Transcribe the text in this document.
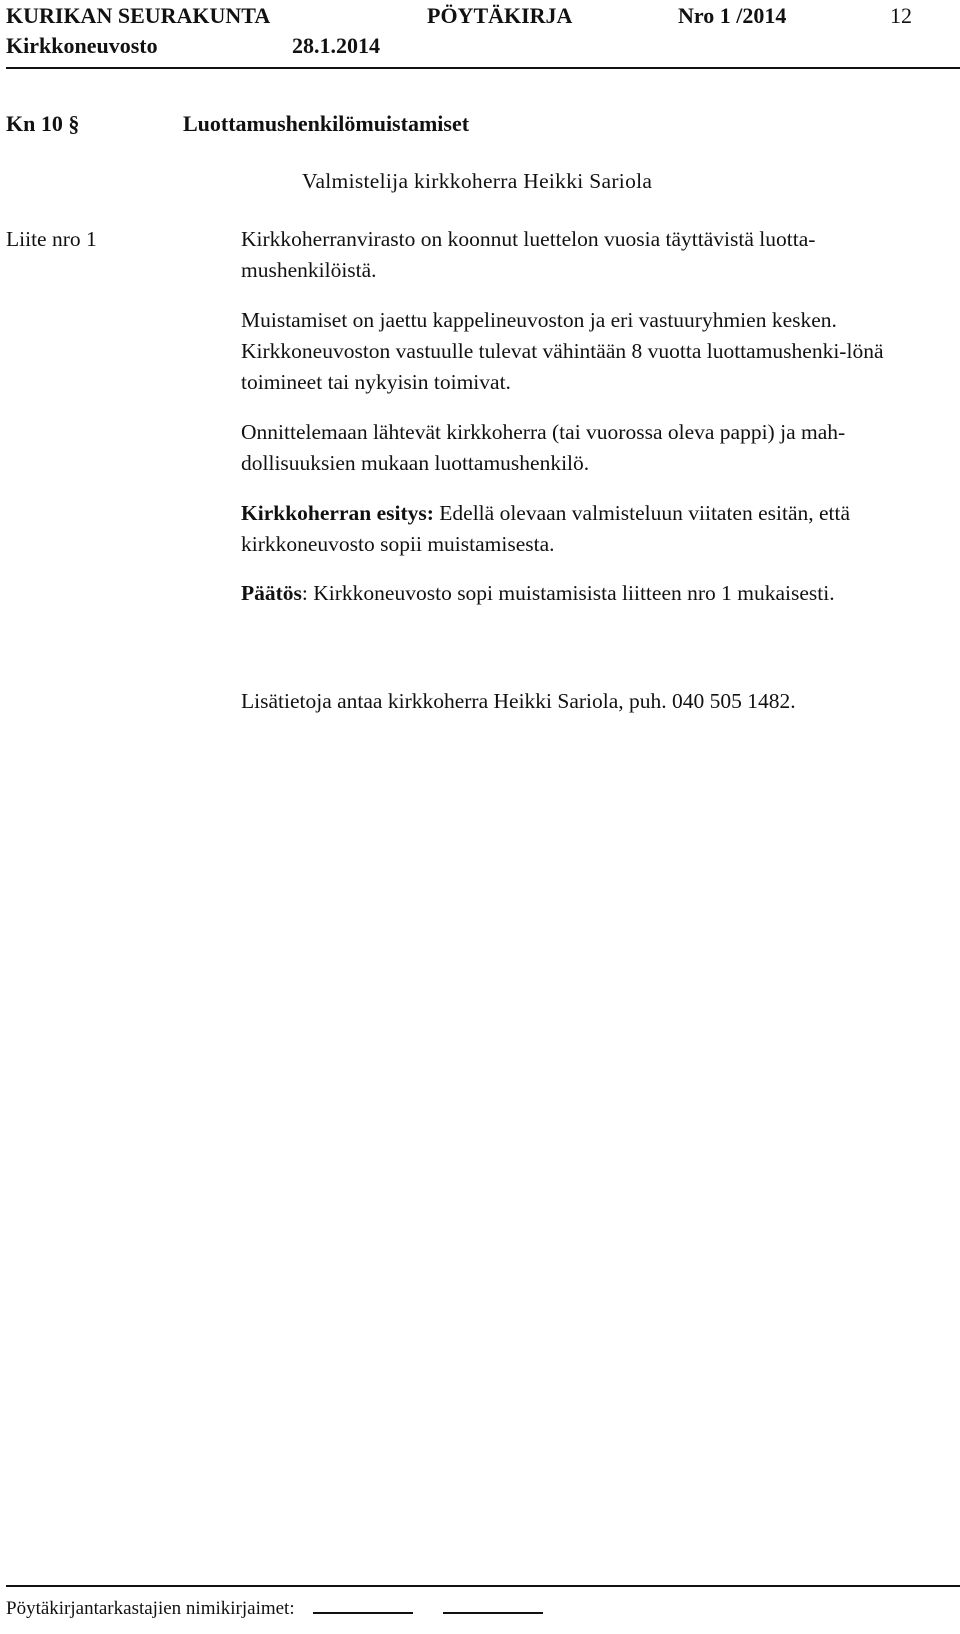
KURIKAN SEURAKUNTA	PÖYTÄKIRJA	Nro 1 /2014	12
Kirkkoneuvosto	28.1.2014
Kn 10 §	Luottamushenkilömuistamiset
Valmistelija kirkkoherra Heikki Sariola
Liite nro 1	Kirkkoherranvirasto on koonnut luettelon vuosia täyttävistä luotta-mushenkilöistä.

Muistamiset on jaettu kappelineuvoston ja eri vastuuryhmien kesken.

Kirkkoneuvoston vastuulle tulevat vähintään 8 vuotta luottamushenki-lönä toimineet tai nykyisin toimivat.

Onnittelemaan lähtevät kirkkoherra (tai vuorossa oleva pappi) ja mah-dollisuuksien mukaan luottamushenkilö.

Kirkkoherran esitys: Edellä olevaan valmisteluun viitaten esitän, että kirkkoneuvosto sopii muistamisesta.

Päätös: Kirkkoneuvosto sopi muistamisista liitteen nro 1 mukaisesti.

Lisätietoja antaa kirkkoherra Heikki Sariola, puh. 040 505 1482.

Pöytäkirjantarkastajien nimikirjaimet:
